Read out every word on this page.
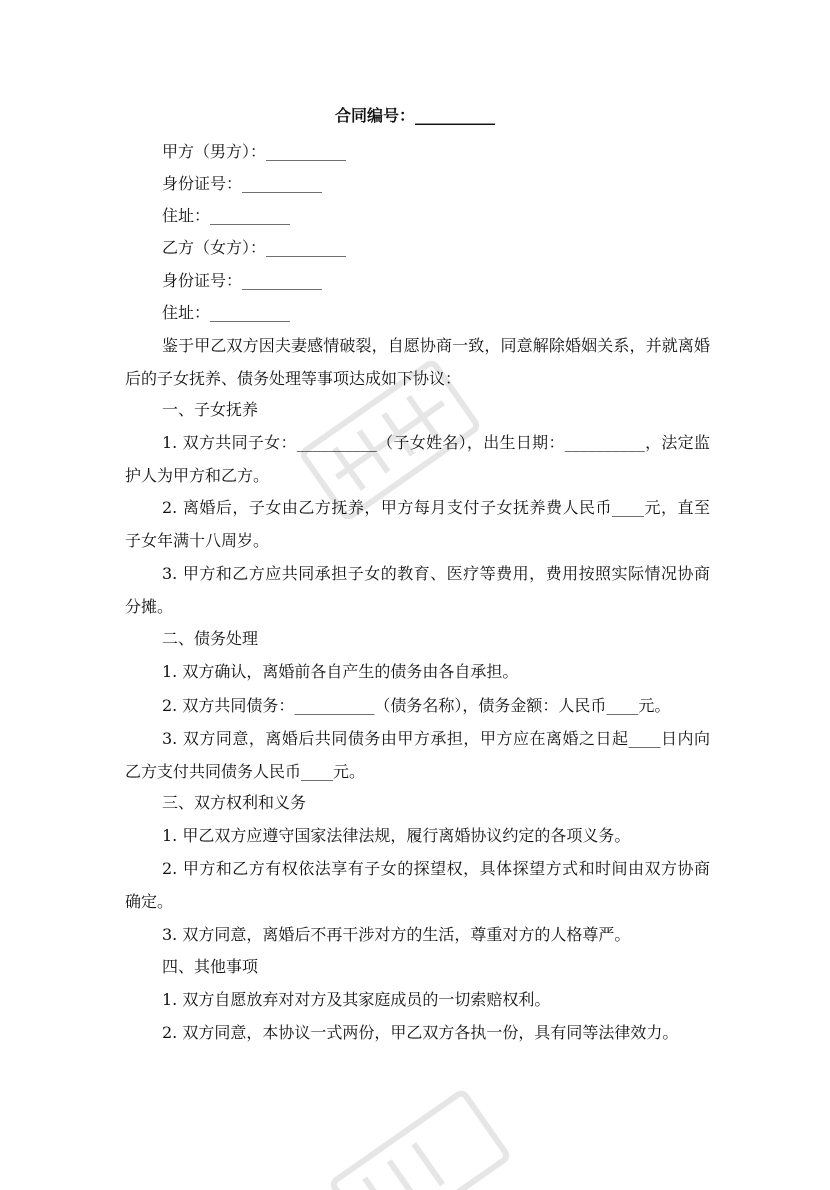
合同编号：__________
甲方（男方）：__________
身份证号：__________
住址：__________
乙方（女方）：__________
身份证号：__________
住址：__________
鉴于甲乙双方因夫妻感情破裂，自愿协商一致，同意解除婚姻关系，并就离婚后的子女抚养、债务处理等事项达成如下协议：
一、子女抚养
1. 双方共同子女：__________（子女姓名），出生日期：__________，法定监护人为甲方和乙方。
2. 离婚后，子女由乙方抚养，甲方每月支付子女抚养费人民币____元，直至子女年满十八周岁。
3. 甲方和乙方应共同承担子女的教育、医疗等费用，费用按照实际情况协商分摊。
二、债务处理
1. 双方确认，离婚前各自产生的债务由各自承担。
2. 双方共同债务：__________（债务名称），债务金额：人民币____元。
3. 双方同意，离婚后共同债务由甲方承担，甲方应在离婚之日起____日内向乙方支付共同债务人民币____元。
三、双方权利和义务
1. 甲乙双方应遵守国家法律法规，履行离婚协议约定的各项义务。
2. 甲方和乙方有权依法享有子女的探望权，具体探望方式和时间由双方协商确定。
3. 双方同意，离婚后不再干涉对方的生活，尊重对方的人格尊严。
四、其他事项
1. 双方自愿放弃对对方及其家庭成员的一切索赔权利。
2. 双方同意，本协议一式两份，甲乙双方各执一份，具有同等法律效力。
